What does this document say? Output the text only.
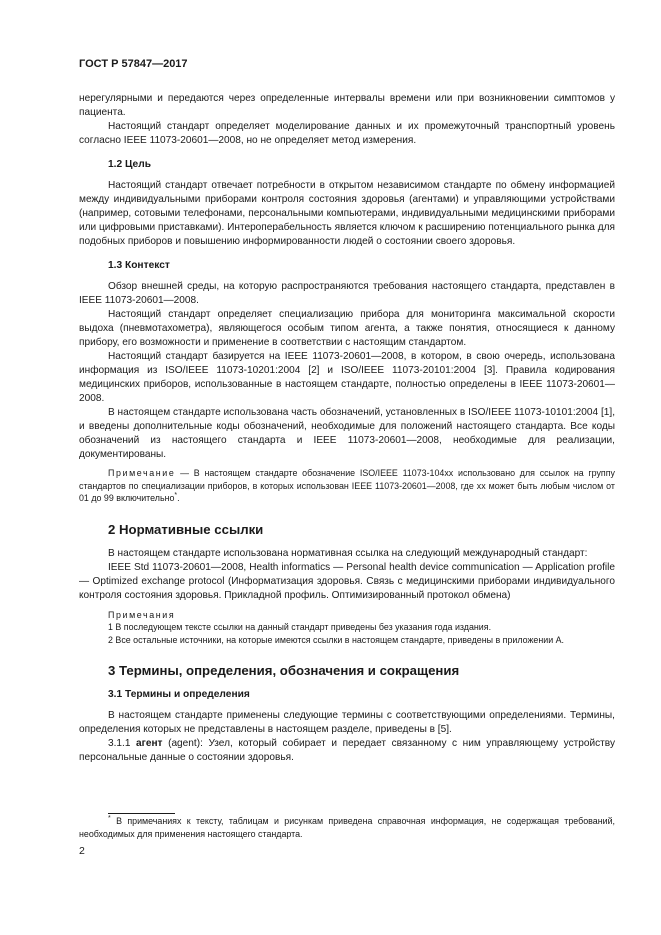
ГОСТ Р 57847—2017

нерегулярными и передаются через определенные интервалы времени или при возникновении симптомов у пациента.

Настоящий стандарт определяет моделирование данных и их промежуточный транспортный уровень согласно IEEE 11073-20601—2008, но не определяет метод измерения.

1.2 Цель

Настоящий стандарт отвечает потребности в открытом независимом стандарте по обмену информацией между индивидуальными приборами контроля состояния здоровья (агентами) и управляющими устройствами (например, сотовыми телефонами, персональными компьютерами, индивидуальными медицинскими приборами или цифровыми приставками). Интероперабельность является ключом к расширению потенциального рынка для подобных приборов и повышению информированности людей о состоянии своего здоровья.

1.3 Контекст

Обзор внешней среды, на которую распространяются требования настоящего стандарта, представлен в IEEE 11073-20601—2008.

Настоящий стандарт определяет специализацию прибора для мониторинга максимальной скорости выдоха (пневмотахометра), являющегося особым типом агента, а также понятия, относящиеся к данному прибору, его возможности и применение в соответствии с настоящим стандартом.

Настоящий стандарт базируется на IEEE 11073-20601—2008, в котором, в свою очередь, использована информация из ISO/IEEE 11073-10201:2004 [2] и ISO/IEEE 11073-20101:2004 [3]. Правила кодирования медицинских приборов, использованные в настоящем стандарте, полностью определены в IEEE 11073-20601—2008.

В настоящем стандарте использована часть обозначений, установленных в ISO/IEEE 11073-10101:2004 [1], и введены дополнительные коды обозначений, необходимые для положений настоящего стандарта. Все коды обозначений из настоящего стандарта и IEEE 11073-20601—2008, необходимые для реализации, документированы.

Примечание — В настоящем стандарте обозначение ISO/IEEE 11073-104xx использовано для ссылок на группу стандартов по специализации приборов, в которых использован IEEE 11073-20601—2008, где xx может быть любым числом от 01 до 99 включительно*.

2 Нормативные ссылки

В настоящем стандарте использована нормативная ссылка на следующий международный стандарт:

IEEE Std 11073-20601—2008, Health informatics — Personal health device communication — Application profile — Optimized exchange protocol (Информатизация здоровья. Связь с медицинскими приборами индивидуального контроля состояния здоровья. Прикладной профиль. Оптимизированный протокол обмена)

Примечания

1 В последующем тексте ссылки на данный стандарт приведены без указания года издания.

2 Все остальные источники, на которые имеются ссылки в настоящем стандарте, приведены в приложении А.

3 Термины, определения, обозначения и сокращения
3.1 Термины и определения

В настоящем стандарте применены следующие термины с соответствующими определениями. Термины, определения которых не представлены в настоящем разделе, приведены в [5].

3.1.1 агент (agent): Узел, который собирает и передает связанному с ним управляющему устройству персональные данные о состоянии здоровья.

* В примечаниях к тексту, таблицам и рисункам приведена справочная информация, не содержащая требований, необходимых для применения настоящего стандарта.
2
